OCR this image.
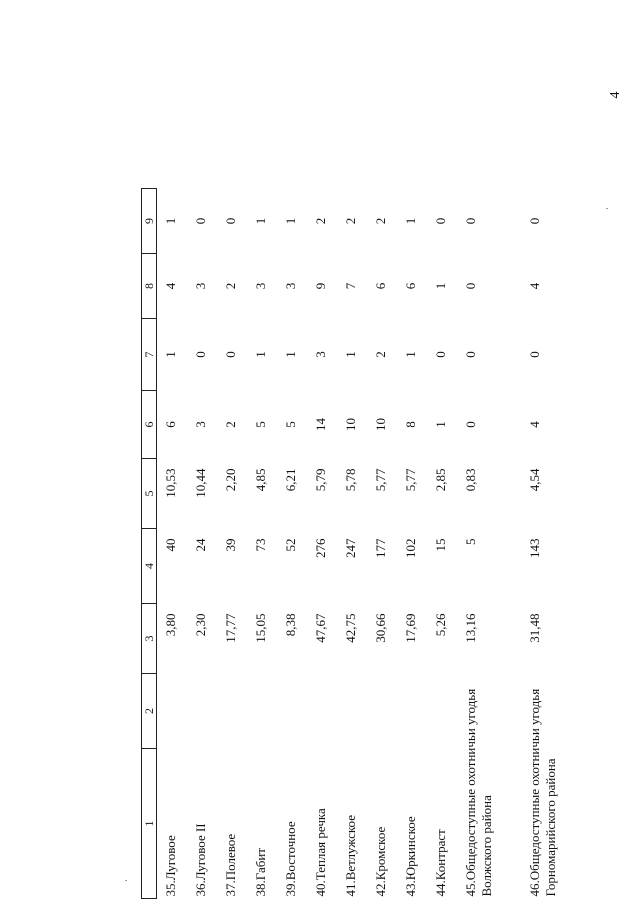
4
1	2	3	4	5	6	7	8	9
35.Луговое		3,80	40	10,53	6	1	4	1
36.Луговое II		2,30	24	10,44	3	0	3	0
37.Полевое		17,77	39	2,20	2	0	2	0
38.Габит		15,05	73	4,85	5	1	3	1
39.Восточное		8,38	52	6,21	5	1	3	1
40.Теплая речка		47,67	276	5,79	14	3	9	2
41.Ветлужское		42,75	247	5,78	10	1	7	2
42.Кромское		30,66	177	5,77	10	2	6	2
43.Юркинское		17,69	102	5,77	8	1	6	1
44.Контраст		5,26	15	2,85	1	0	1	0
45.Общедоступные охотничьи угодья Волжского района		13,16	5	0,83	0	0	0	0
46.Общедоступные охотничьи угодья Горномарийского района		31,48	143	4,54	4	0	4	0
